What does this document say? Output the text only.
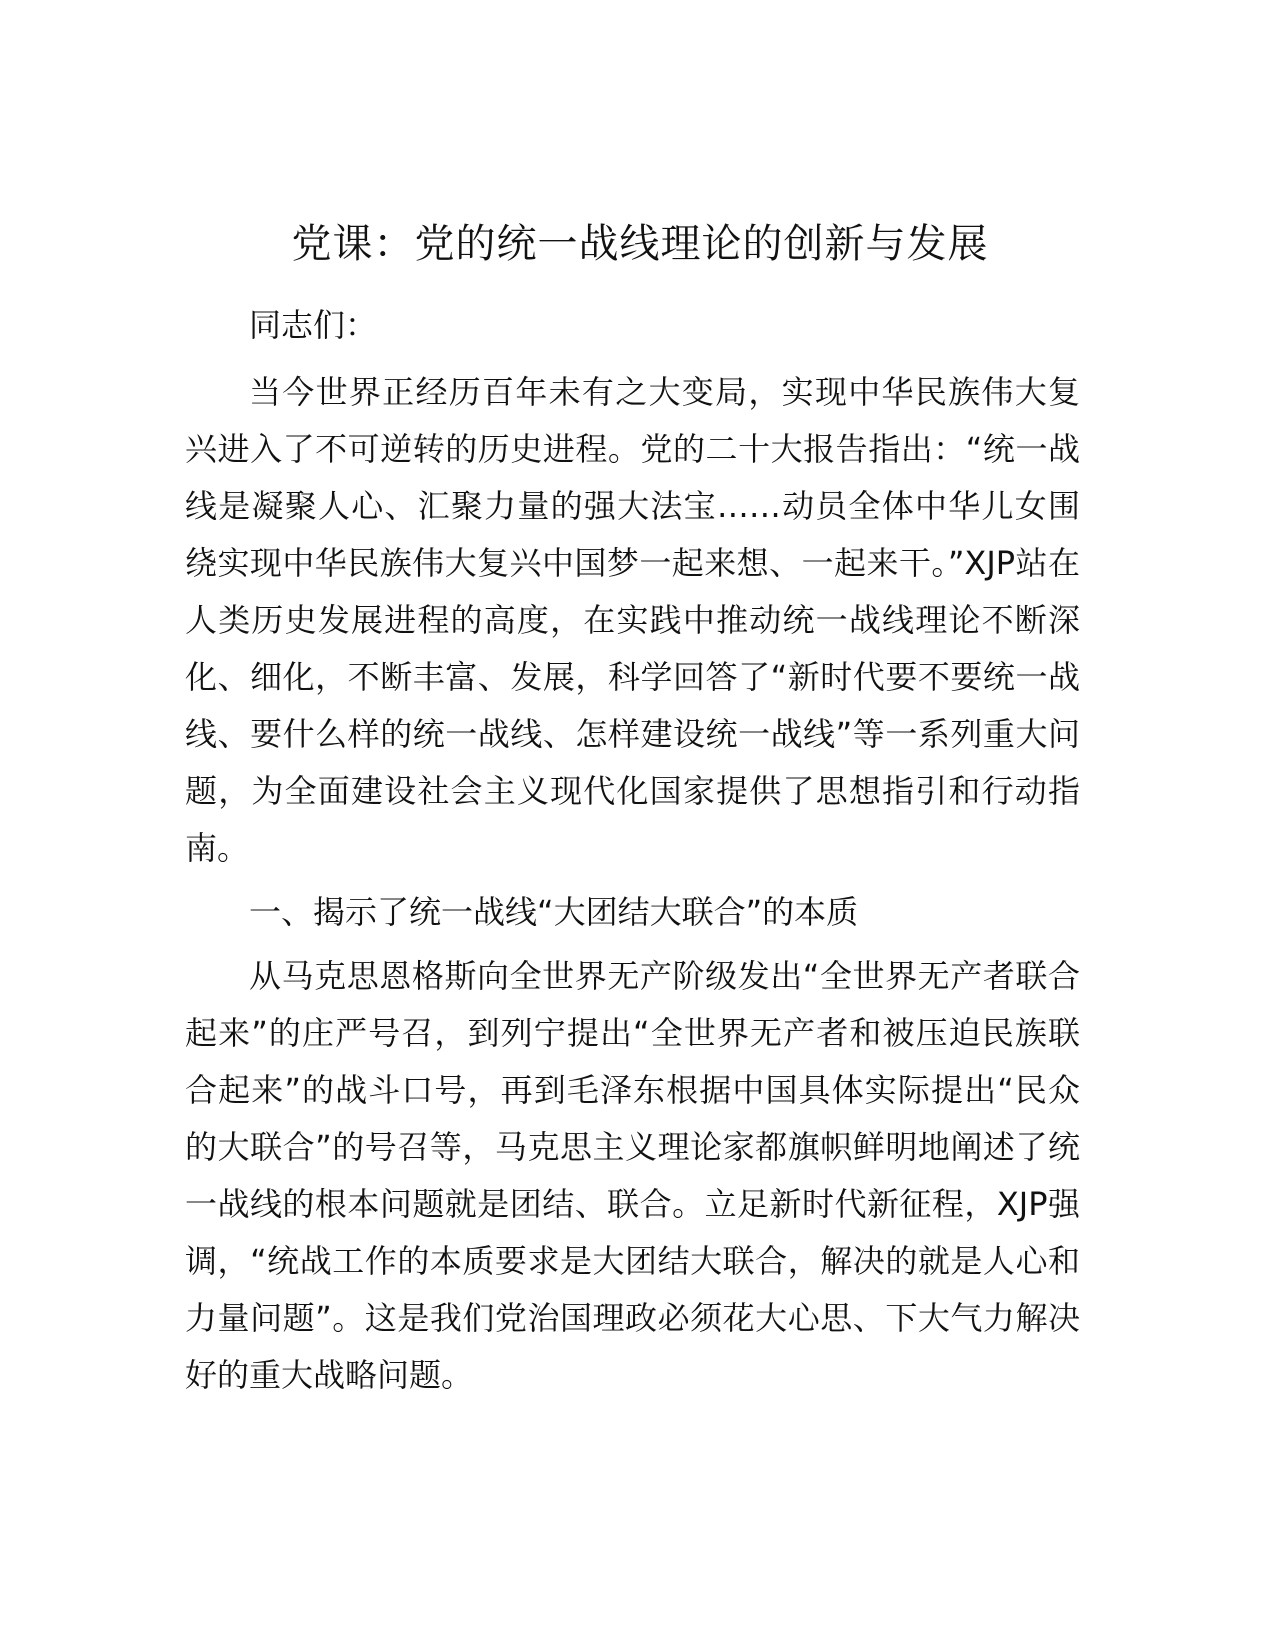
党课：党的统一战线理论的创新与发展

同志们：

当今世界正经历百年未有之大变局，实现中华民族伟大复兴进入了不可逆转的历史进程。党的二十大报告指出：“统一战线是凝聚人心、汇聚力量的强大法宝……动员全体中华儿女围绕实现中华民族伟大复兴中国梦一起来想、一起来干。”XJP站在人类历史发展进程的高度，在实践中推动统一战线理论不断深化、细化，不断丰富、发展，科学回答了“新时代要不要统一战线、要什么样的统一战线、怎样建设统一战线”等一系列重大问题，为全面建设社会主义现代化国家提供了思想指引和行动指南。

一、揭示了统一战线“大团结大联合”的本质

从马克思恩格斯向全世界无产阶级发出“全世界无产者联合起来”的庄严号召，到列宁提出“全世界无产者和被压迫民族联合起来”的战斗口号，再到毛泽东根据中国具体实际提出“民众的大联合”的号召等，马克思主义理论家都旗帜鲜明地阐述了统一战线的根本问题就是团结、联合。立足新时代新征程，XJP强调，“统战工作的本质要求是大团结大联合，解决的就是人心和力量问题”。这是我们党治国理政必须花大心思、下大气力解决好的重大战略问题。
